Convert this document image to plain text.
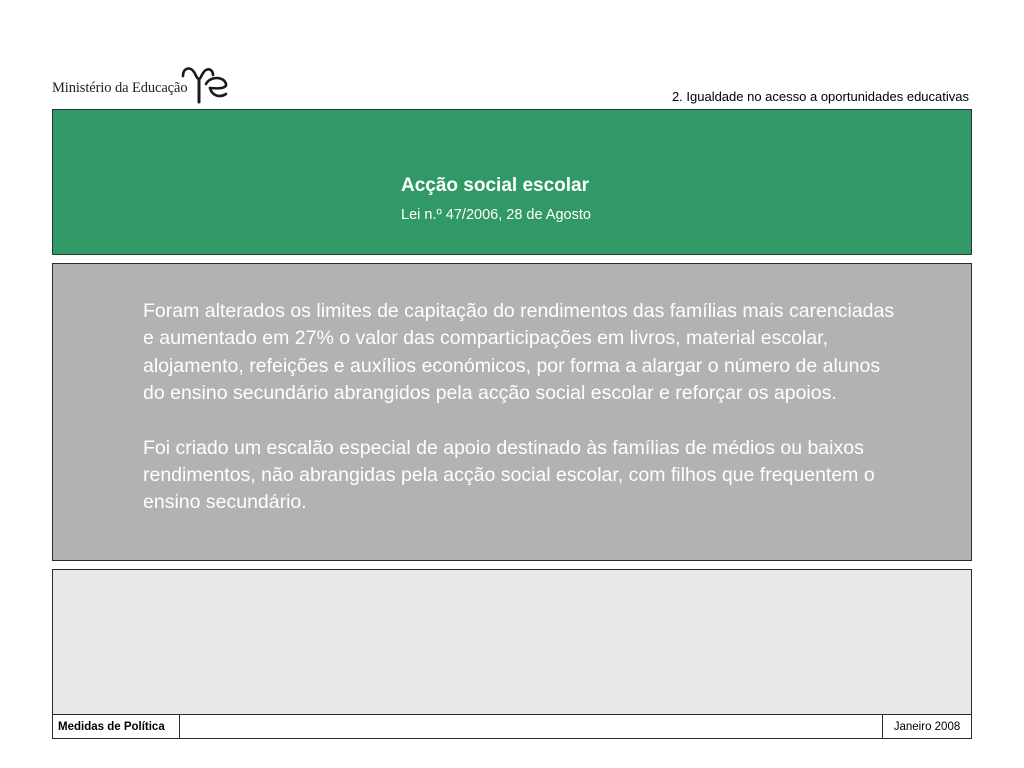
Ministério da Educação
2. Igualdade no acesso a oportunidades educativas
Acção social escolar
Lei n.º 47/2006, 28 de Agosto

Foram alterados os limites de capitação do rendimentos das famílias mais carenciadas e aumentado em 27% o valor das comparticipações em livros, material escolar, alojamento, refeições e auxílios económicos, por forma a alargar o número de alunos do ensino secundário abrangidos pela acção social escolar e reforçar os apoios.

Foi criado um escalão especial de apoio destinado às famílias de médios ou baixos rendimentos, não abrangidas pela acção social escolar, com filhos que frequentem o ensino secundário.

Medidas de Política	Janeiro 2008
